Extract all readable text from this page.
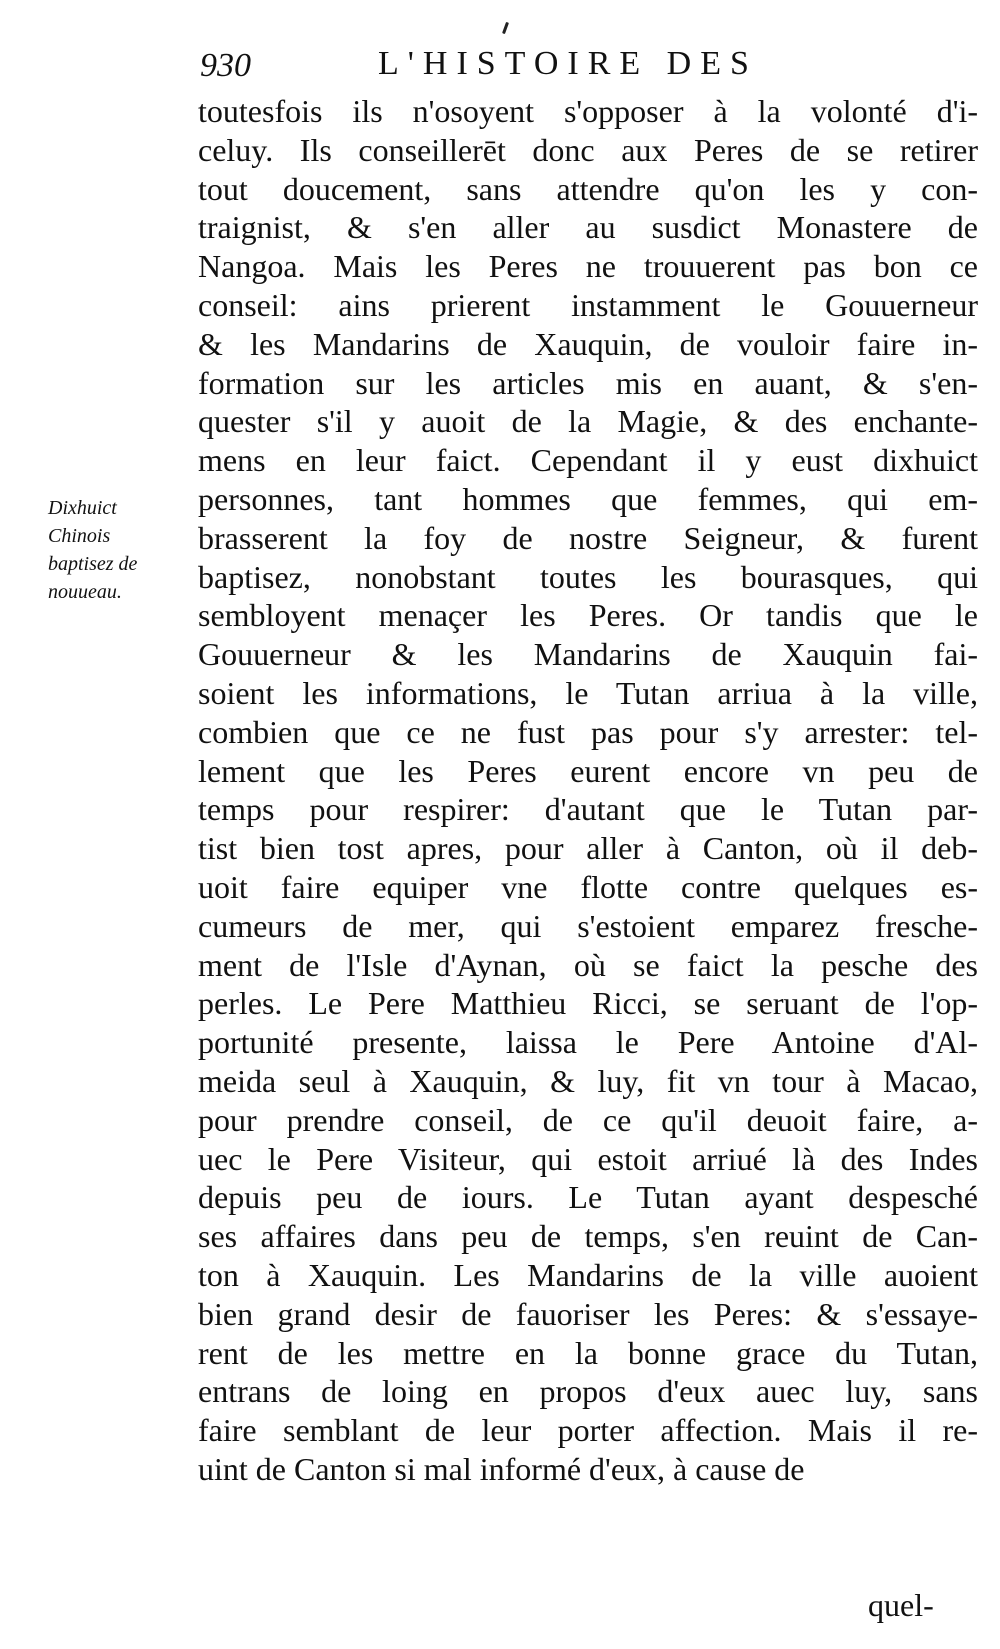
930	L'HISTOIRE DES
Dixhuict
Chinois
baptisez de
nouueau.
toutesfois ils n'osoyent s'opposer à la volonté d'i-
celuy. Ils conseillerēt donc aux Peres de se retirer
tout doucement, sans attendre qu'on les y con-
traignist, & s'en aller au susdict Monastere de
Nangoa. Mais les Peres ne trouuerent pas bon ce
conseil: ains prierent instamment le Gouuerneur
& les Mandarins de Xauquin, de vouloir faire in-
formation sur les articles mis en auant, & s'en-
quester s'il y auoit de la Magie, & des enchante-
mens en leur faict. Cependant il y eust dixhuict
personnes, tant hommes que femmes, qui em-
brasserent la foy de nostre Seigneur, & furent
baptisez, nonobstant toutes les bourasques, qui
sembloyent menaçer les Peres. Or tandis que le
Gouuerneur & les Mandarins de Xauquin fai-
soient les informations, le Tutan arriua à la ville,
combien que ce ne fust pas pour s'y arrester: tel-
lement que les Peres eurent encore vn peu de
temps pour respirer: d'autant que le Tutan par-
tist bien tost apres, pour aller à Canton, où il deb-
uoit faire equiper vne flotte contre quelques es-
cumeurs de mer, qui s'estoient emparez fresche-
ment de l'Isle d'Aynan, où se faict la pesche des
perles. Le Pere Matthieu Ricci, se seruant de l'op-
portunité presente, laissa le Pere Antoine d'Al-
meida seul à Xauquin, & luy, fit vn tour à Macao,
pour prendre conseil, de ce qu'il deuoit faire, a-
uec le Pere Visiteur, qui estoit arriué là des Indes
depuis peu de iours. Le Tutan ayant despesché
ses affaires dans peu de temps, s'en reuint de Can-
ton à Xauquin. Les Mandarins de la ville auoient
bien grand desir de fauoriser les Peres: & s'essaye-
rent de les mettre en la bonne grace du Tutan,
entrans de loing en propos d'eux auec luy, sans
faire semblant de leur porter affection. Mais il re-
uint de Canton si mal informé d'eux, à cause de
quel-
